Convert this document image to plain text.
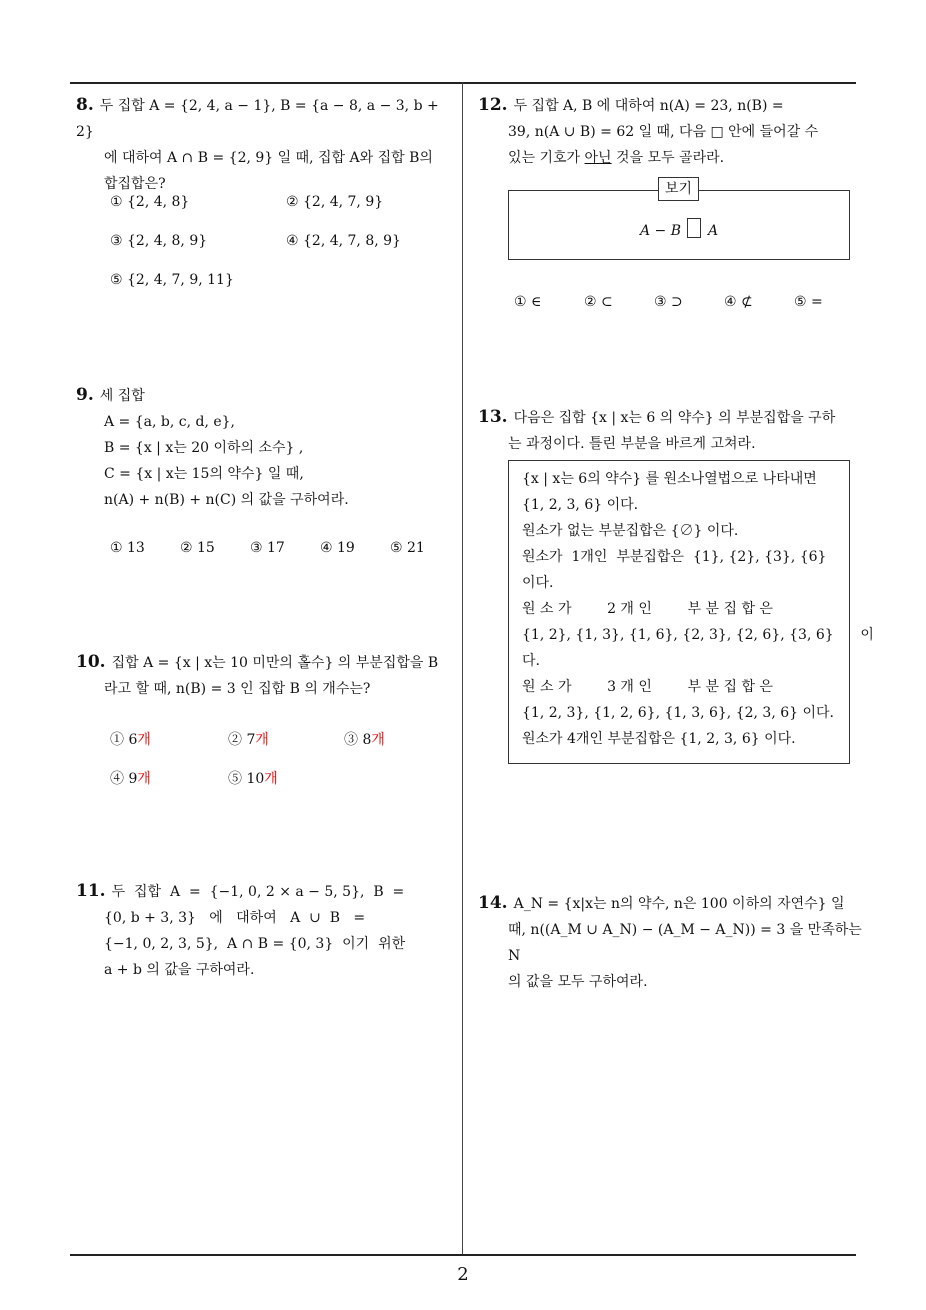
8. 두 집합 A = {2, 4, a − 1}, B = {a − 8, a − 3, b + 2}
에 대하여 A ∩ B = {2, 9} 일 때, 집합 A와 집합 B의
합집합은?
① {2, 4, 8}	② {2, 4, 7, 9}
③ {2, 4, 8, 9}	④ {2, 4, 7, 8, 9}
⑤ {2, 4, 7, 9, 11}
9. 세 집합
A = {a, b, c, d, e},
B = {x | x는 20 이하의 소수} ,
C = {x | x는 15의 약수} 일 때,
n(A) + n(B) + n(C) 의 값을 구하여라.
① 13	② 15	③ 17	④ 19	⑤ 21
10. 집합 A = {x | x는 10 미만의 홀수} 의 부분집합을 B
라고 할 때, n(B) = 3 인 집합 B 의 개수는?
① 6개	② 7개	③ 8개
④ 9개	⑤ 10개
11. 두  집합  A  =  {−1, 0, 2 × a − 5, 5},  B  =
{0, b + 3, 3}   에   대하여   A  ∪  B   =
{−1, 0, 2, 3, 5},  A ∩ B = {0, 3}  이기  위한
a + b 의 값을 구하여라.
12. 두 집합 A, B 에 대하여 n(A) = 23, n(B) =
39, n(A ∪ B) = 62 일 때, 다음 □ 안에 들어갈 수
있는 기호가 아닌 것을 모두 골라라.
보기
A − B A
① ∈	② ⊂	③ ⊃	④ ⊄	⑤ =
13. 다음은 집합 {x | x는 6 의 약수} 의 부분집합을 구하
는 과정이다. 틀린 부분을 바르게 고쳐라.
{x | x는 6의 약수} 를 원소나열법으로 나타내면
{1, 2, 3, 6} 이다.
원소가 없는 부분집합은 {∅} 이다.
원소가  1개인  부분집합은  {1}, {2}, {3}, {6}
이다.
원 소 가        2 개 인        부 분 집 합 은
{1, 2}, {1, 3}, {1, 6}, {2, 3}, {2, 6}, {3, 6}      이
다.
원 소 가        3 개 인        부 분 집 합 은
{1, 2, 3}, {1, 2, 6}, {1, 3, 6}, {2, 3, 6} 이다.
원소가 4개인 부분집합은 {1, 2, 3, 6} 이다.
14. A_N = {x|x는 n의 약수, n은 100 이하의 자연수} 일
때, n((A_M ∪ A_N) − (A_M − A_N)) = 3 을 만족하는 N
의 값을 모두 구하여라.
2
